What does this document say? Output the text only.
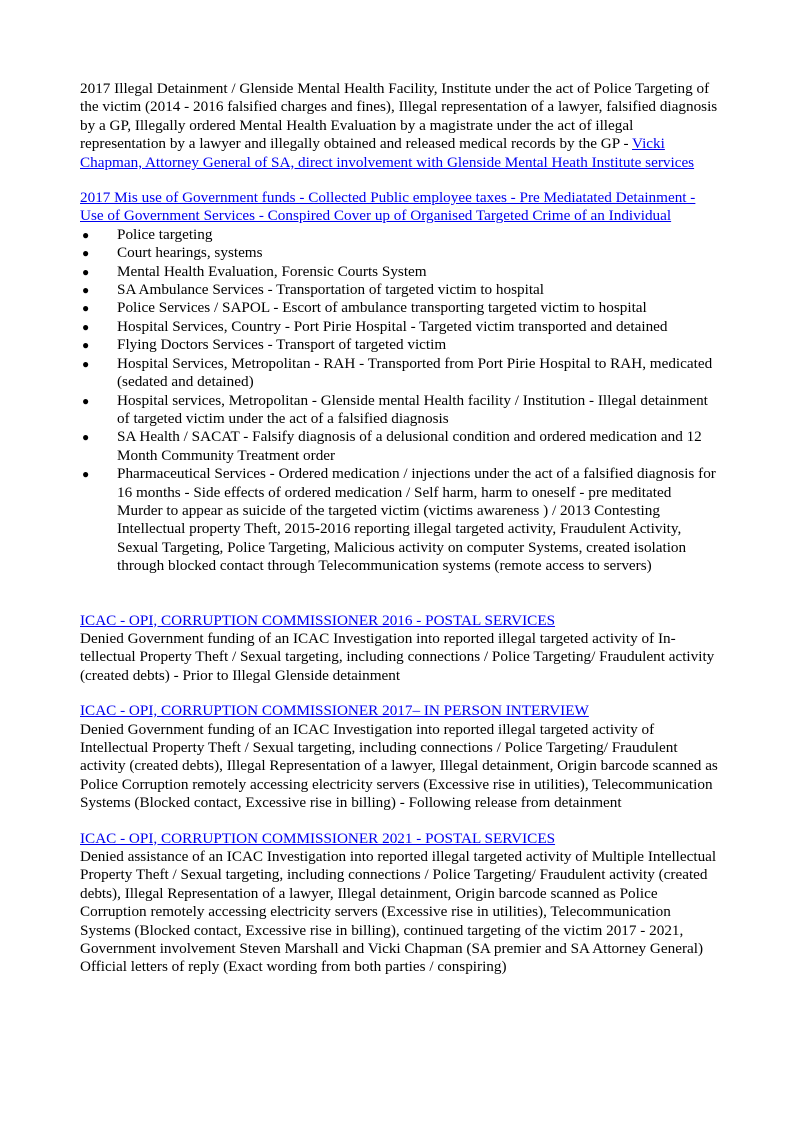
2017 Illegal Detainment / Glenside Mental Health Facility, Institute under the act of Police Targeting of the victim (2014 - 2016 falsified charges and fines), Illegal representation of a lawyer, falsified diagnosis by a GP, Illegally ordered Mental Health Evaluation by a magistrate under the act of illegal representation by a lawyer and illegally obtained and released medical records by the GP - Vicki Chapman, Attorney General of SA, direct involvement with Glenside Mental Heath Institute services

2017 Mis use of Government funds - Collected Public employee taxes - Pre Mediatated Detainment - Use of Government Services - Conspired Cover up of Organised Targeted Crime of an Individual
● Police targeting
● Court hearings, systems
● Mental Health Evaluation, Forensic Courts System
● SA Ambulance Services - Transportation of targeted victim to hospital
● Police Services / SAPOL - Escort of ambulance transporting targeted victim to hospital
● Hospital Services, Country - Port Pirie Hospital - Targeted victim transported and detained
● Flying Doctors Services - Transport of targeted victim
● Hospital Services, Metropolitan - RAH - Transported from Port Pirie Hospital to RAH, medicated (sedated and detained)
● Hospital services, Metropolitan - Glenside mental Health facility / Institution - Illegal detainment of targeted victim under the act of a falsified diagnosis
● SA Health / SACAT - Falsify diagnosis of a delusional condition and ordered medication and 12 Month Community Treatment order
● Pharmaceutical Services - Ordered medication / injections under the act of a falsified diagnosis for 16 months - Side effects of ordered medication / Self harm, harm to oneself - pre meditated Murder to appear as suicide of the targeted victim (victims awareness ) / 2013 Contesting Intellectual property Theft, 2015-2016 reporting illegal targeted activity, Fraudulent Activity, Sexual Targeting, Police Targeting, Malicious activity on computer Systems, created isolation through blocked contact through Telecommunication systems (remote access to servers)
ICAC - OPI, CORRUPTION COMMISSIONER 2016 - POSTAL SERVICES

Denied Government funding of an ICAC Investigation into reported illegal targeted activity of In-tellectual Property Theft / Sexual targeting, including connections / Police Targeting/ Fraudulent activity (created debts) - Prior to Illegal Glenside detainment

ICAC - OPI, CORRUPTION COMMISSIONER 2017– IN PERSON INTERVIEW

Denied Government funding of an ICAC Investigation into reported illegal targeted activity of Intellectual Property Theft / Sexual targeting, including connections / Police Targeting/ Fraudulent activity (created debts), Illegal Representation of a lawyer, Illegal detainment, Origin barcode scanned as Police Corruption remotely accessing electricity servers (Excessive rise in utilities), Telecommunication Systems (Blocked contact, Excessive rise in billing) - Following release from detainment

ICAC - OPI, CORRUPTION COMMISSIONER 2021 - POSTAL SERVICES

Denied assistance of an ICAC Investigation into reported illegal targeted activity of Multiple Intellectual Property Theft / Sexual targeting, including connections / Police Targeting/ Fraudulent activity (created debts), Illegal Representation of a lawyer, Illegal detainment, Origin barcode scanned as Police Corruption remotely accessing electricity servers (Excessive rise in utilities), Telecommunication Systems (Blocked contact, Excessive rise in billing), continued targeting of the victim 2017 - 2021, Government involvement Steven Marshall and Vicki Chapman (SA premier and SA Attorney General) Official letters of reply (Exact wording from both parties / conspiring)
